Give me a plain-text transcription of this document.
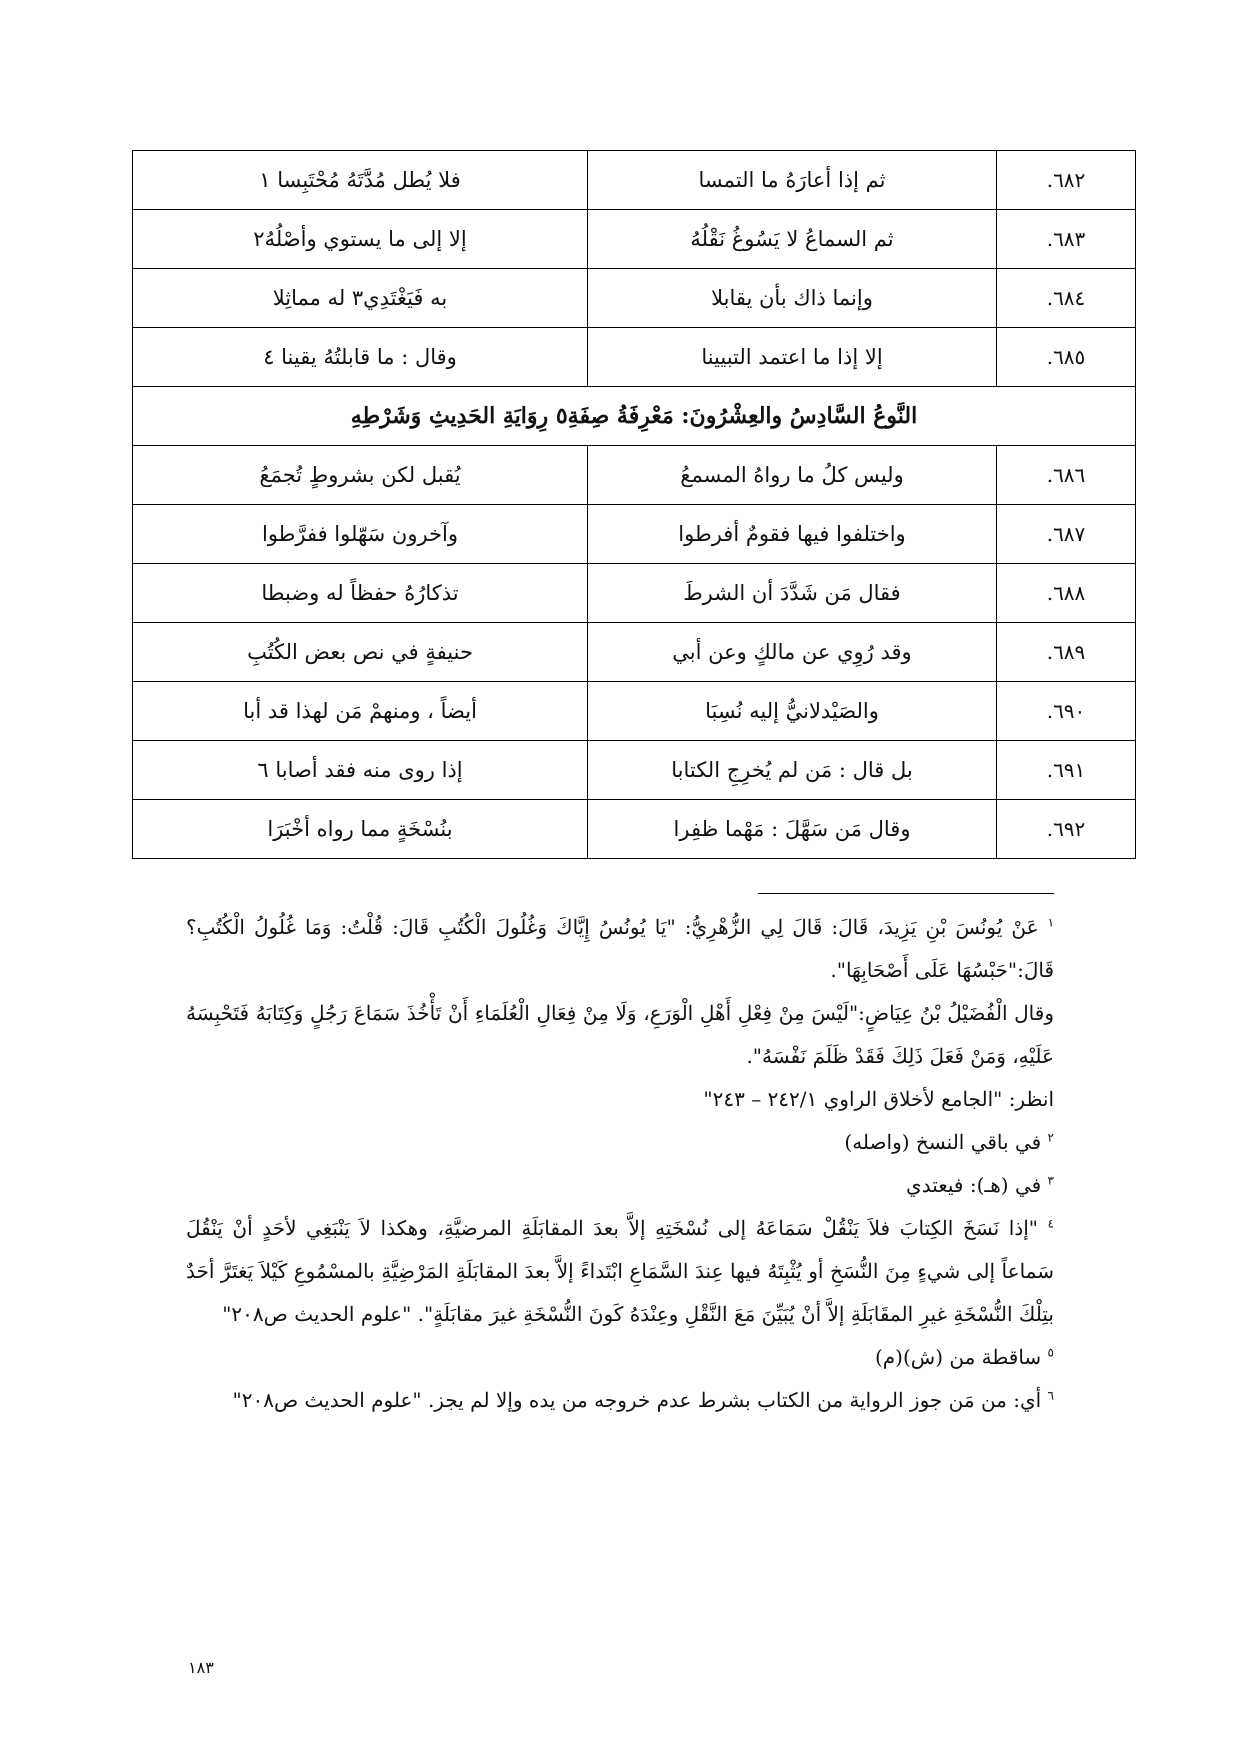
.٦٨٢	ثم إذا أعارَهُ ما التمسا	فلا يُطل مُدَّتَهُ مُحْتَبِسا ١
.٦٨٣	ثم السماعُ لا يَسُوغُ نَقْلُهُ	إلا إلى ما يستوي وأصْلُهُ٢
.٦٨٤	وإنما ذاك بأن يقابلا	به فَيَغْتَدِي٣ له مماثِلا
.٦٨٥	إلا إذا ما اعتمد التبيينا	وقال : ما قابلتُهُ يقينا ٤
النَّوعُ السَّادِسُ والعِشْرُونَ: مَعْرِفَةُ صِفَةِ٥ رِوَايَةِ الحَدِيثِ وَشَرْطِهِ		
.٦٨٦	وليس كلُ ما رواهُ المسمعُ	يُقبل لكن بشروطٍ تُجمَعُ
.٦٨٧	واختلفوا فيها فقومٌ أفرطوا	وآخرون سَهّلوا ففرَّطوا
.٦٨٨	فقال مَن شَدَّدَ أن الشرطَ	تذكارُهُ حفظاً له وضبطا
.٦٨٩	وقد رُوِي عن مالكٍ وعن أبي	حنيفةٍ في نص بعض الكُتُبِ
.٦٩٠	والصَيْدلانيُّ إليه نُسِبَا	أيضاً ، ومنهمْ مَن لهذا قد أبا
.٦٩١	بل قال : مَن لم يُخرِجِ الكتابا	إذا روى منه فقد أصابا ٦
.٦٩٢	وقال مَن سَهَّلَ : مَهْما ظفِرا	بنُسْخَةٍ مما رواه أخْبَرَا

$^١$ عَنْ يُونُسَ بْنِ يَزِيدَ، قَالَ: قَالَ لِي الزُّهْرِيُّ: "يَا يُونُسُ إِيَّاكَ وَغُلُولَ الْكُتُبِ قَالَ: قُلْتُ: وَمَا غُلُولُ الْكُتُبِ؟ قَالَ:"حَبْسُهَا عَلَى أَصْحَابِهَا".

وقال الْفُضَيْلُ بْنُ عِيَاضٍ:"لَيْسَ مِنْ فِعْلِ أَهْلِ الْوَرَعِ، وَلَا مِنْ فِعَالِ الْعُلَمَاءِ أَنْ تَأْخُذَ سَمَاعَ رَجُلٍ وَكِتَابَهُ فَتَحْبِسَهُ عَلَيْهِ، وَمَنْ فَعَلَ ذَلِكَ فَقَدْ ظَلَمَ نَفْسَهُ".

انظر: "الجامع لأخلاق الراوي ٢٤٢/١ – ٢٤٣"

$^٢$ في باقي النسخ (واصله)

$^٣$ في (هـ): فيعتدي

$^٤$ "إذا نَسَخَ الكِتابَ فلاَ يَنْقُلْ سَمَاعَهُ إلى نُسْخَتِهِ إلاَّ بعدَ المقابَلَةِ المرضيَّةِ، وهكذا لاَ يَنْبَغِي لأحَدٍ أنْ يَنْقُلَ سَماعاً إلى شيءٍ مِنَ النُّسَخِ أو يُثْبِتَهُ فيها عِندَ السَّمَاعِ ابْتَداءً إلاَّ بعدَ المقابَلَةِ المَرْضِيَّةِ بالمسْمُوعِ كَيْلاَ يَغتَرَّ أحَدٌ بتِلْكَ النُّسْخَةِ غيرِ المقَابَلَةِ إلاَّ أنْ يُبَيِّنَ مَعَ النَّقْلِ وعِنْدَهُ كَونَ النُّسْخَةِ غيرَ مقابَلَةٍ". "علوم الحديث ص٢٠٨"

$^٥$ ساقطة من (ش)(م)

$^٦$ أي: من مَن جوز الرواية من الكتاب بشرط عدم خروجه من يده وإلا لم يجز. "علوم الحديث ص٢٠٨"

١٨٣
